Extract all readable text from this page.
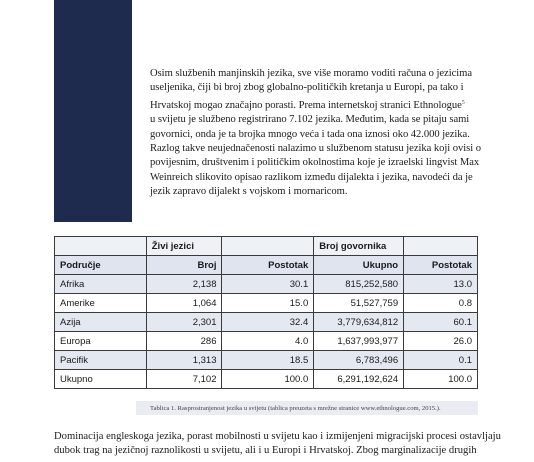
Osim službenih manjinskih jezika, sve više moramo voditi računa o jezicima
useljenika, čiji bi broj zbog globalno-političkih kretanja u Europi, pa tako i
Hrvatskoj mogao značajno porasti. Prema internetskoj stranici Ethnologue$^5$
u svijetu je službeno registrirano 7.102 jezika. Međutim, kada se pitaju sami
govornici, onda je ta brojka mnogo veća i tada ona iznosi oko 42.000 jezika.
Razlog takve neujednačenosti nalazimo u službenom statusu jezika koji ovisi o
povijesnim, društvenim i političkim okolnostima koje je izraelski lingvist Max
Weinreich slikovito opisao razlikom između dijalekta i jezika, navodeći da je
jezik zapravo dijalekt s vojskom i mornaricom.
	Živi jezici		Broj govornika	
Područje	Broj	Postotak	Ukupno	Postotak
Afrika	2,138	30.1	815,252,580	13.0
Amerike	1,064	15.0	51,527,759	0.8
Azija	2,301	32.4	3,779,634,812	60.1
Europa	286	4.0	1,637,993,977	26.0
Pacifik	1,313	18.5	6,783,496	0.1
Ukupno	7,102	100.0	6,291,192,624	100.0
Tablica 1. Rasprostranjenost jezika u svijetu (tablica preuzeta s mrežne stranice www.ethnologue.com, 2015.).
Dominacija engleskoga jezika, porast mobilnosti u svijetu kao i izmijenjeni migracijski procesi ostavljaju
dubok trag na jezičnoj raznolikosti u svijetu, ali i u Europi i Hrvatskoj. Zbog marginalizacije drugih
